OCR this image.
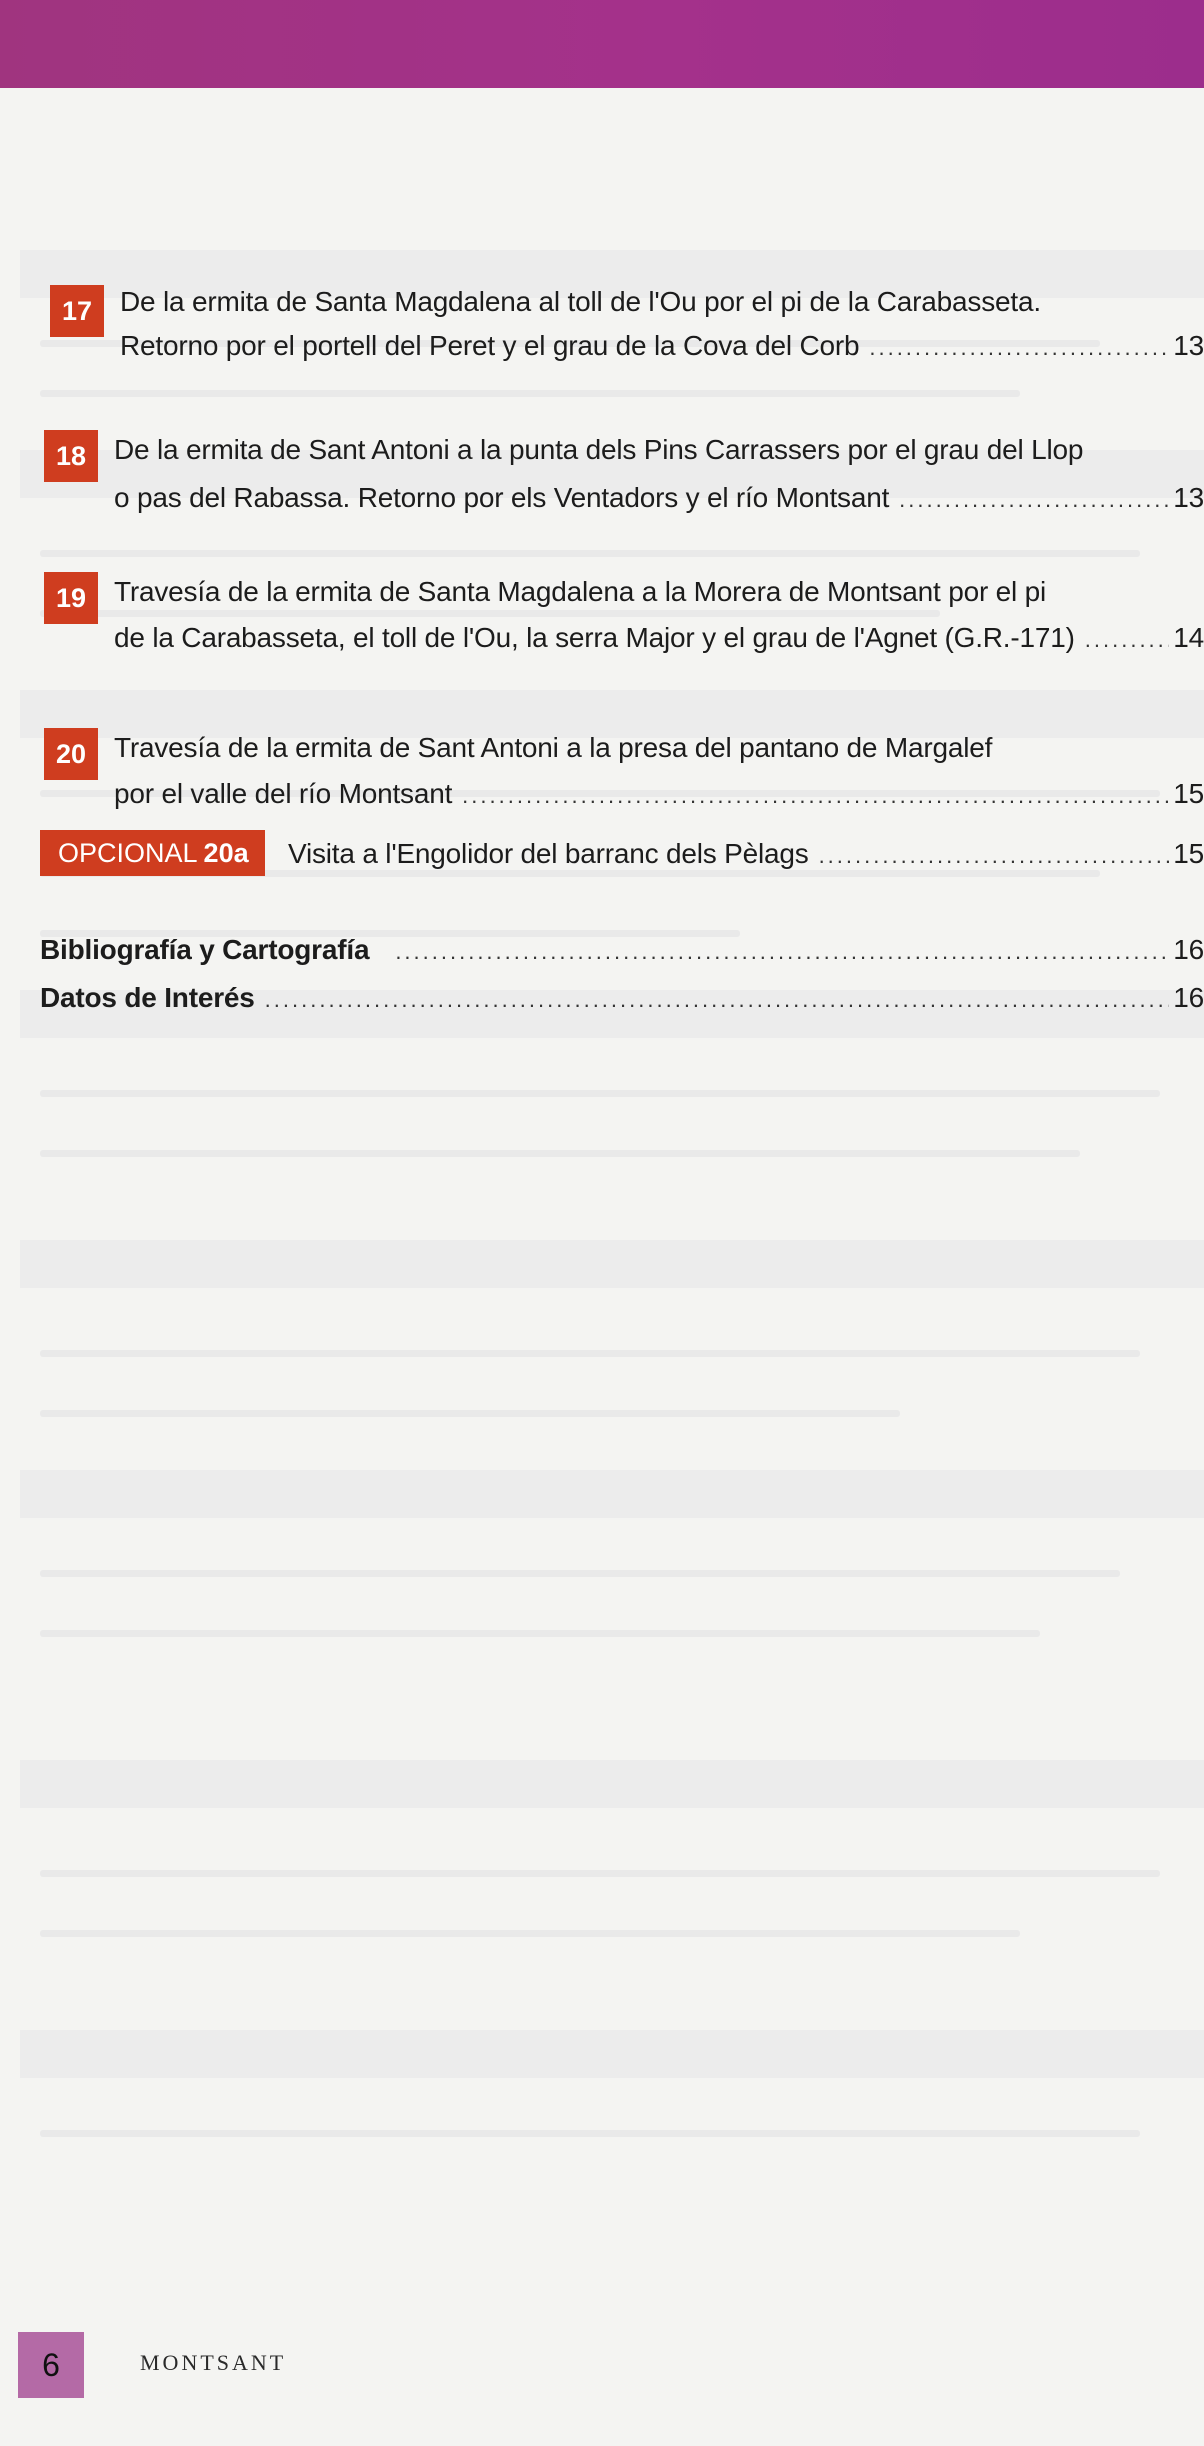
17 De la ermita de Santa Magdalena al toll de l'Ou por el pi de la Carabasseta.
Retorno por el portell del Peret y el grau de la Cova del Corb .....	13
18 De la ermita de Sant Antoni a la punta dels Pins Carrassers por el grau del Llop
o pas del Rabassa. Retorno por els Ventadors y el río Montsant .....	13
19 Travesía de la ermita de Santa Magdalena a la Morera de Montsant por el pi
de la Carabasseta, el toll de l'Ou, la serra Major y el grau de l'Agnet (G.R.-171) .....	14
20 Travesía de la ermita de Sant Antoni a la presa del pantano de Margalef
por el valle del río Montsant .....	15
OPCIONAL 20a Visita a l'Engolidor del barranc dels Pèlags .....	15
Bibliografía y Cartografía .....	16
Datos de Interés .....	16
6	MONTSANT
